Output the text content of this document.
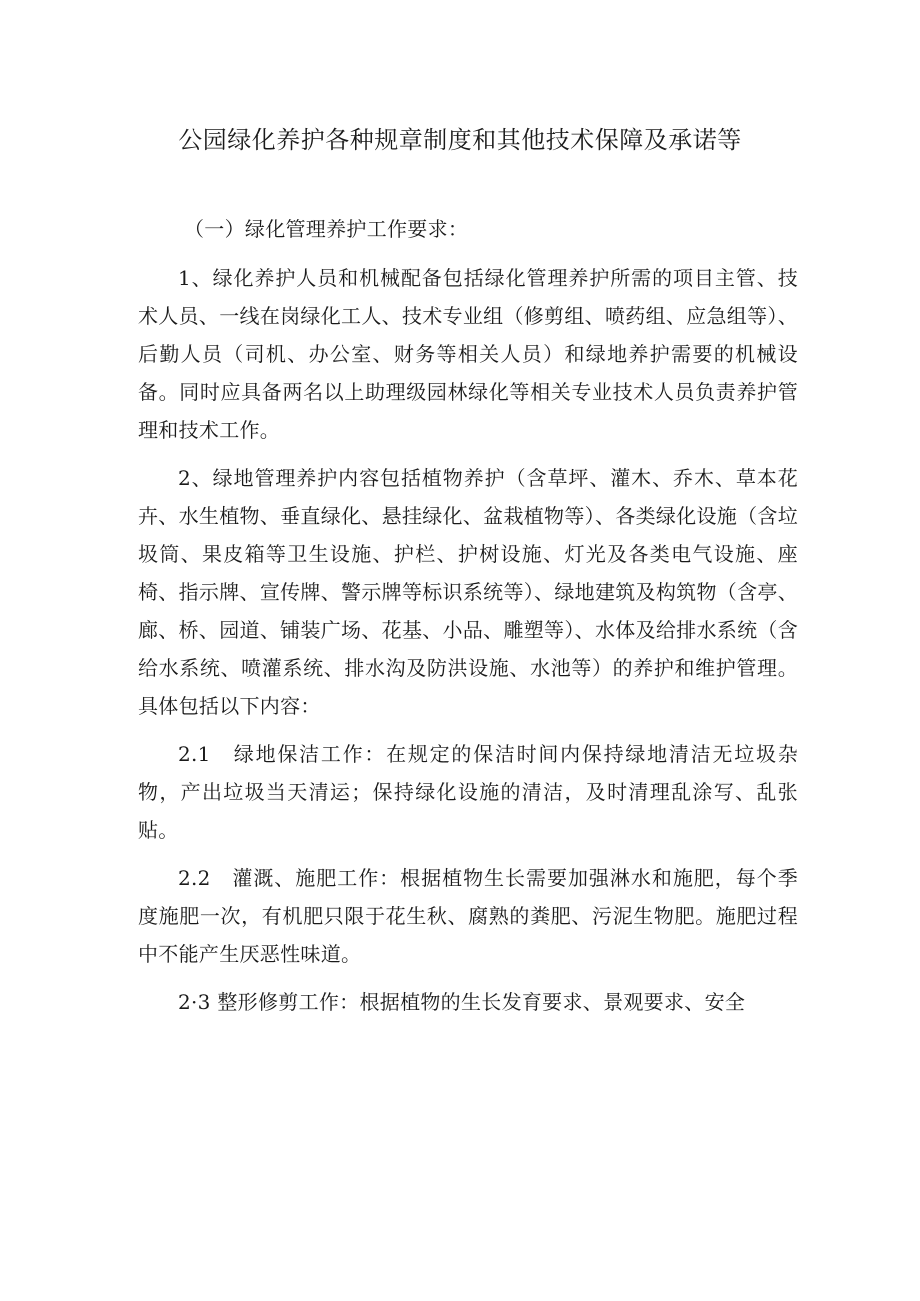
公园绿化养护各种规章制度和其他技术保障及承诺等

（一）绿化管理养护工作要求：

1、绿化养护人员和机械配备包括绿化管理养护所需的项目主管、技术人员、一线在岗绿化工人、技术专业组（修剪组、喷药组、应急组等）、后勤人员（司机、办公室、财务等相关人员）和绿地养护需要的机械设备。同时应具备两名以上助理级园林绿化等相关专业技术人员负责养护管理和技术工作。

2、绿地管理养护内容包括植物养护（含草坪、灌木、乔木、草本花卉、水生植物、垂直绿化、悬挂绿化、盆栽植物等）、各类绿化设施（含垃圾筒、果皮箱等卫生设施、护栏、护树设施、灯光及各类电气设施、座椅、指示牌、宣传牌、警示牌等标识系统等）、绿地建筑及构筑物（含亭、廊、桥、园道、铺装广场、花基、小品、雕塑等）、水体及给排水系统（含给水系统、喷灌系统、排水沟及防洪设施、水池等）的养护和维护管理。具体包括以下内容：

2.1　绿地保洁工作：在规定的保洁时间内保持绿地清洁无垃圾杂物，产出垃圾当天清运；保持绿化设施的清洁，及时清理乱涂写、乱张贴。

2.2　灌溉、施肥工作：根据植物生长需要加强淋水和施肥，每个季度施肥一次，有机肥只限于花生秋、腐熟的粪肥、污泥生物肥。施肥过程中不能产生厌恶性味道。

2·3 整形修剪工作：根据植物的生长发育要求、景观要求、安全
